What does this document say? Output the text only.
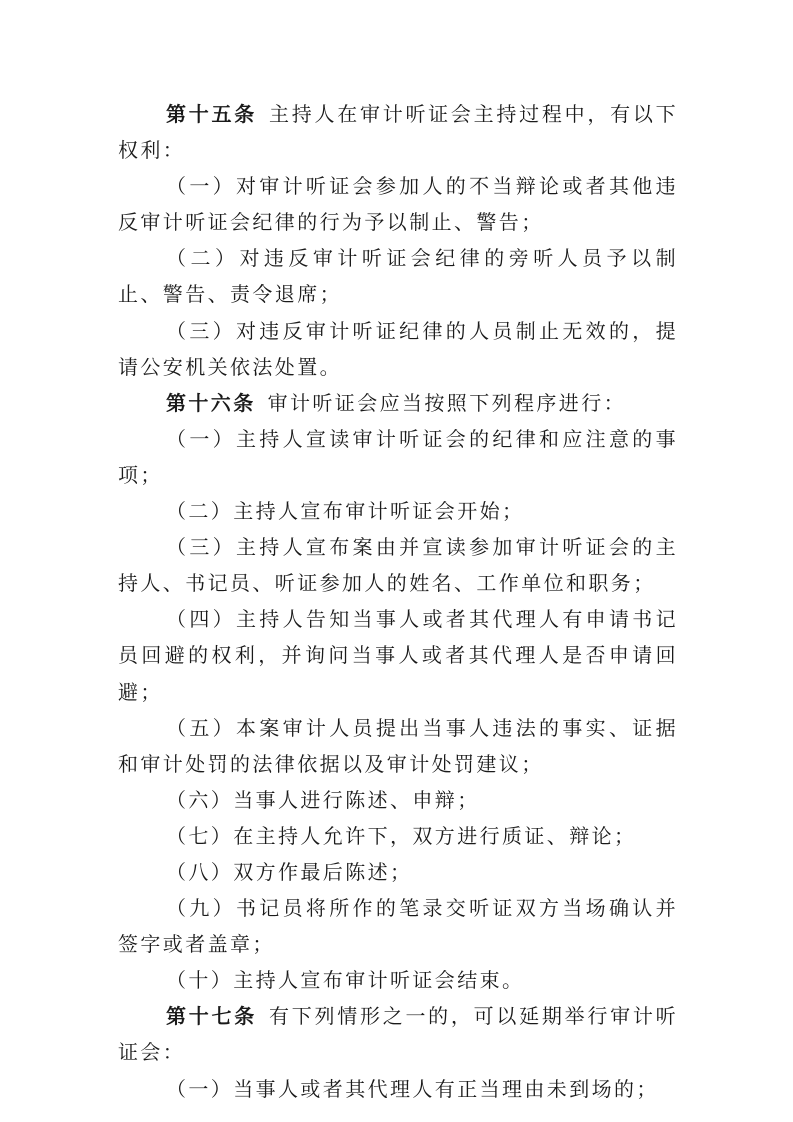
第十五条 主持人在审计听证会主持过程中，有以下权利：

（一）对审计听证会参加人的不当辩论或者其他违反审计听证会纪律的行为予以制止、警告；

（二）对违反审计听证会纪律的旁听人员予以制止、警告、责令退席；

（三）对违反审计听证纪律的人员制止无效的，提请公安机关依法处置。

第十六条 审计听证会应当按照下列程序进行：

（一）主持人宣读审计听证会的纪律和应注意的事项；

（二）主持人宣布审计听证会开始；

（三）主持人宣布案由并宣读参加审计听证会的主持人、书记员、听证参加人的姓名、工作单位和职务；

（四）主持人告知当事人或者其代理人有申请书记员回避的权利，并询问当事人或者其代理人是否申请回避；

（五）本案审计人员提出当事人违法的事实、证据和审计处罚的法律依据以及审计处罚建议；

（六）当事人进行陈述、申辩；

（七）在主持人允许下，双方进行质证、辩论；

（八）双方作最后陈述；

（九）书记员将所作的笔录交听证双方当场确认并签字或者盖章；

（十）主持人宣布审计听证会结束。

第十七条 有下列情形之一的，可以延期举行审计听证会：

（一）当事人或者其代理人有正当理由未到场的；
